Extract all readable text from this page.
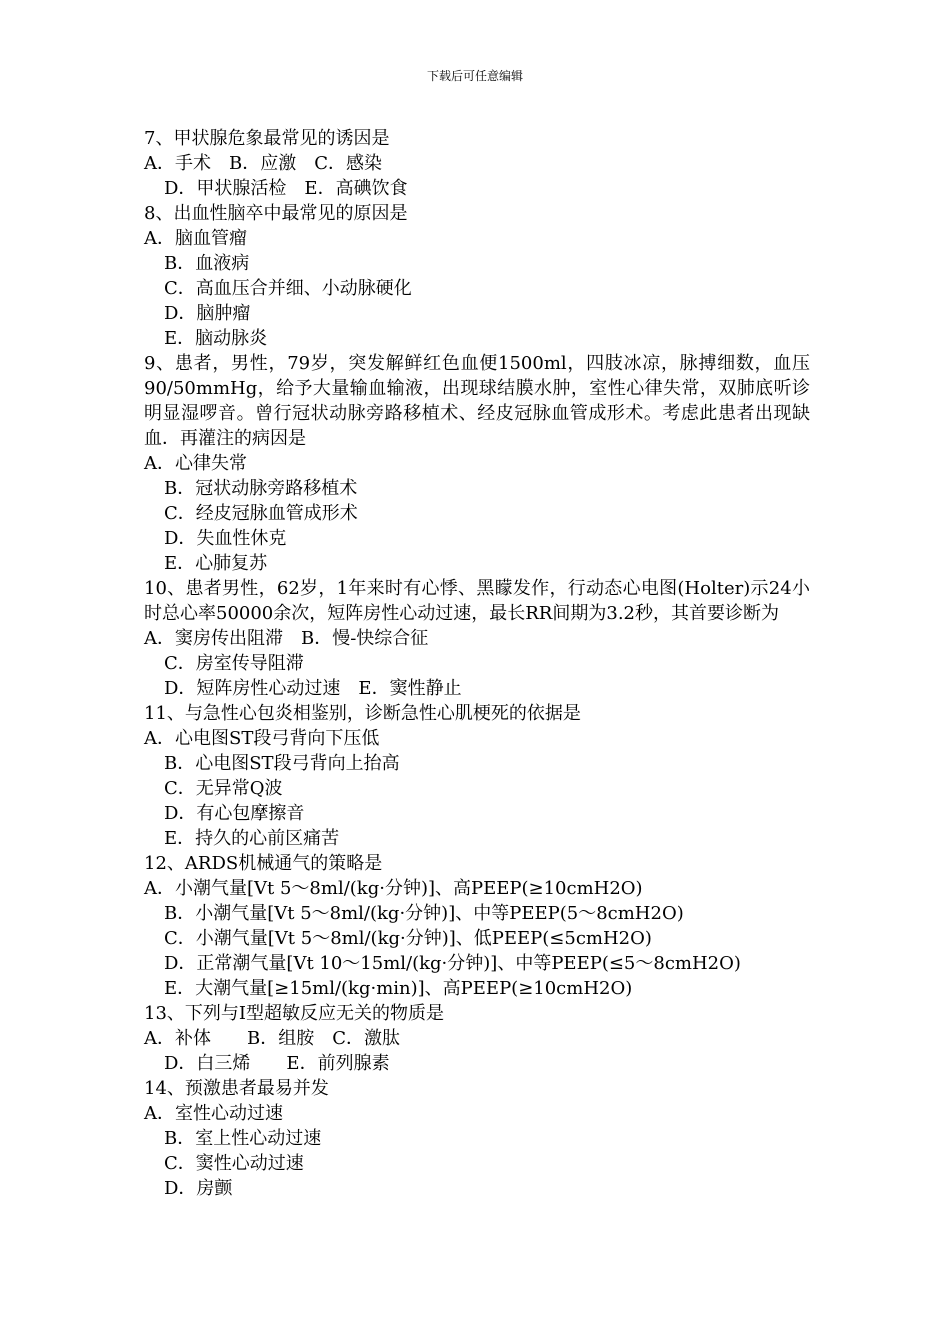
下载后可任意编辑
7、甲状腺危象最常见的诱因是
A．手术　B．应激　C．感染
D．甲状腺活检　E．高碘饮食
8、出血性脑卒中最常见的原因是
A．脑血管瘤
B．血液病
C．高血压合并细、小动脉硬化
D．脑肿瘤
E．脑动脉炎
9、患者，男性，79岁，突发解鲜红色血便1500ml，四肢冰凉，脉搏细数，血压90/50mmHg，给予大量输血输液，出现球结膜水肿，室性心律失常，双肺底听诊明显湿啰音。曾行冠状动脉旁路移植术、经皮冠脉血管成形术。考虑此患者出现缺血．再灌注的病因是
A．心律失常
B．冠状动脉旁路移植术
C．经皮冠脉血管成形术
D．失血性休克
E．心肺复苏
10、患者男性，62岁，1年来时有心悸、黑矇发作，行动态心电图(Holter)示24小时总心率50000余次，短阵房性心动过速，最长RR间期为3.2秒，其首要诊断为
A．窦房传出阻滞　B．慢-快综合征
C．房室传导阻滞
D．短阵房性心动过速　E．窦性静止
11、与急性心包炎相鉴别，诊断急性心肌梗死的依据是
A．心电图ST段弓背向下压低
B．心电图ST段弓背向上抬高
C．无异常Q波
D．有心包摩擦音
E．持久的心前区痛苦
12、ARDS机械通气的策略是
A．小潮气量[Vt 5～8ml/(kg·分钟)]、高PEEP(≥10cmH2O)
B．小潮气量[Vt 5～8ml/(kg·分钟)]、中等PEEP(5～8cmH2O)
C．小潮气量[Vt 5～8ml/(kg·分钟)]、低PEEP(≤5cmH2O)
D．正常潮气量[Vt 10～15ml/(kg·分钟)]、中等PEEP(≤5～8cmH2O)
E．大潮气量[≥15ml/(kg·min)]、高PEEP(≥10cmH2O)
13、下列与Ⅰ型超敏反应无关的物质是
A．补体　　B．组胺　C．激肽
D．白三烯　　E．前列腺素
14、预激患者最易并发
A．室性心动过速
B．室上性心动过速
C．窦性心动过速
D．房颤
